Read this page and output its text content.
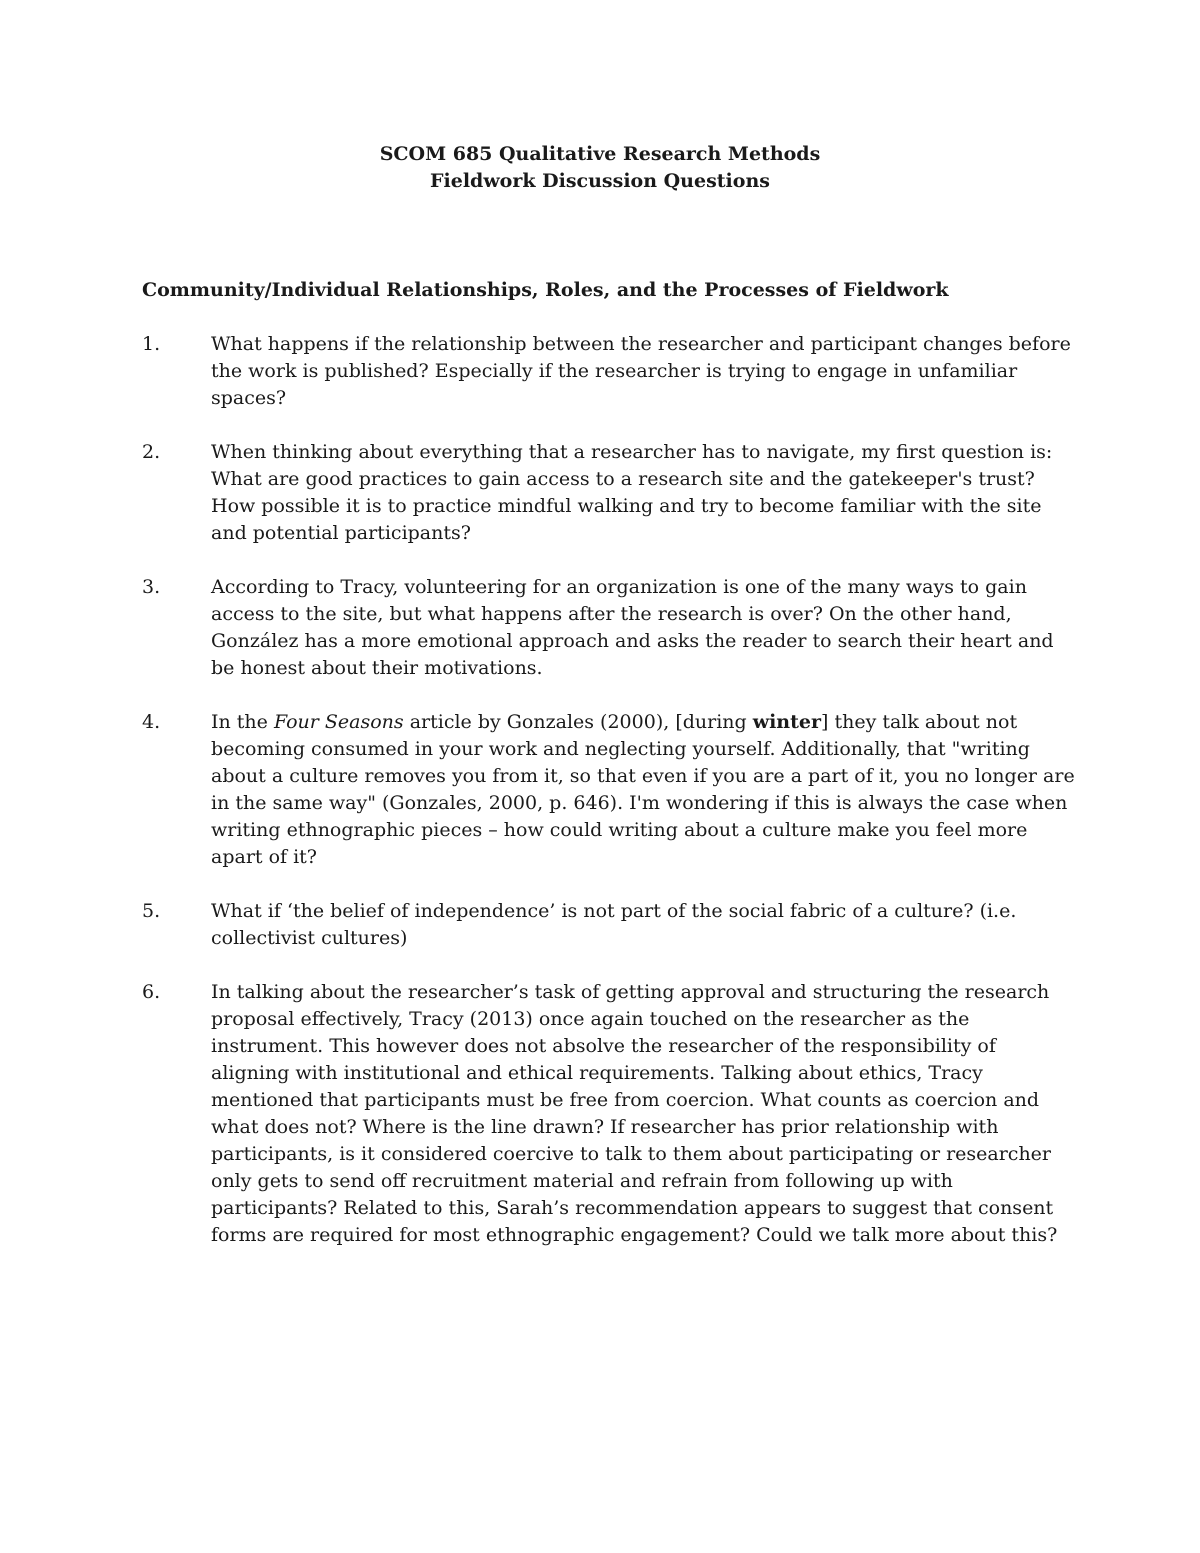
SCOM 685 Qualitative Research Methods
Fieldwork Discussion Questions
Community/Individual Relationships, Roles, and the Processes of Fieldwork
1.	What happens if the relationship between the researcher and participant changes before the work is published? Especially if the researcher is trying to engage in unfamiliar spaces?
2.	When thinking about everything that a researcher has to navigate, my first question is: What are good practices to gain access to a research site and the gatekeeper's trust? How possible it is to practice mindful walking and try to become familiar with the site and potential participants?
3.	According to Tracy, volunteering for an organization is one of the many ways to gain access to the site, but what happens after the research is over? On the other hand, González has a more emotional approach and asks the reader to search their heart and be honest about their motivations.
4.	In the Four Seasons article by Gonzales (2000), [during winter] they talk about not becoming consumed in your work and neglecting yourself. Additionally, that "writing about a culture removes you from it, so that even if you are a part of it, you no longer are in the same way" (Gonzales, 2000, p. 646). I'm wondering if this is always the case when writing ethnographic pieces – how could writing about a culture make you feel more apart of it?
5.	What if ‘the belief of independence’ is not part of the social fabric of a culture? (i.e. collectivist cultures)
6.	In talking about the researcher’s task of getting approval and structuring the research proposal effectively, Tracy (2013) once again touched on the researcher as the instrument. This however does not absolve the researcher of the responsibility of aligning with institutional and ethical requirements. Talking about ethics, Tracy mentioned that participants must be free from coercion. What counts as coercion and what does not? Where is the line drawn? If researcher has prior relationship with participants, is it considered coercive to talk to them about participating or researcher only gets to send off recruitment material and refrain from following up with participants? Related to this, Sarah’s recommendation appears to suggest that consent forms are required for most ethnographic engagement? Could we talk more about this?
